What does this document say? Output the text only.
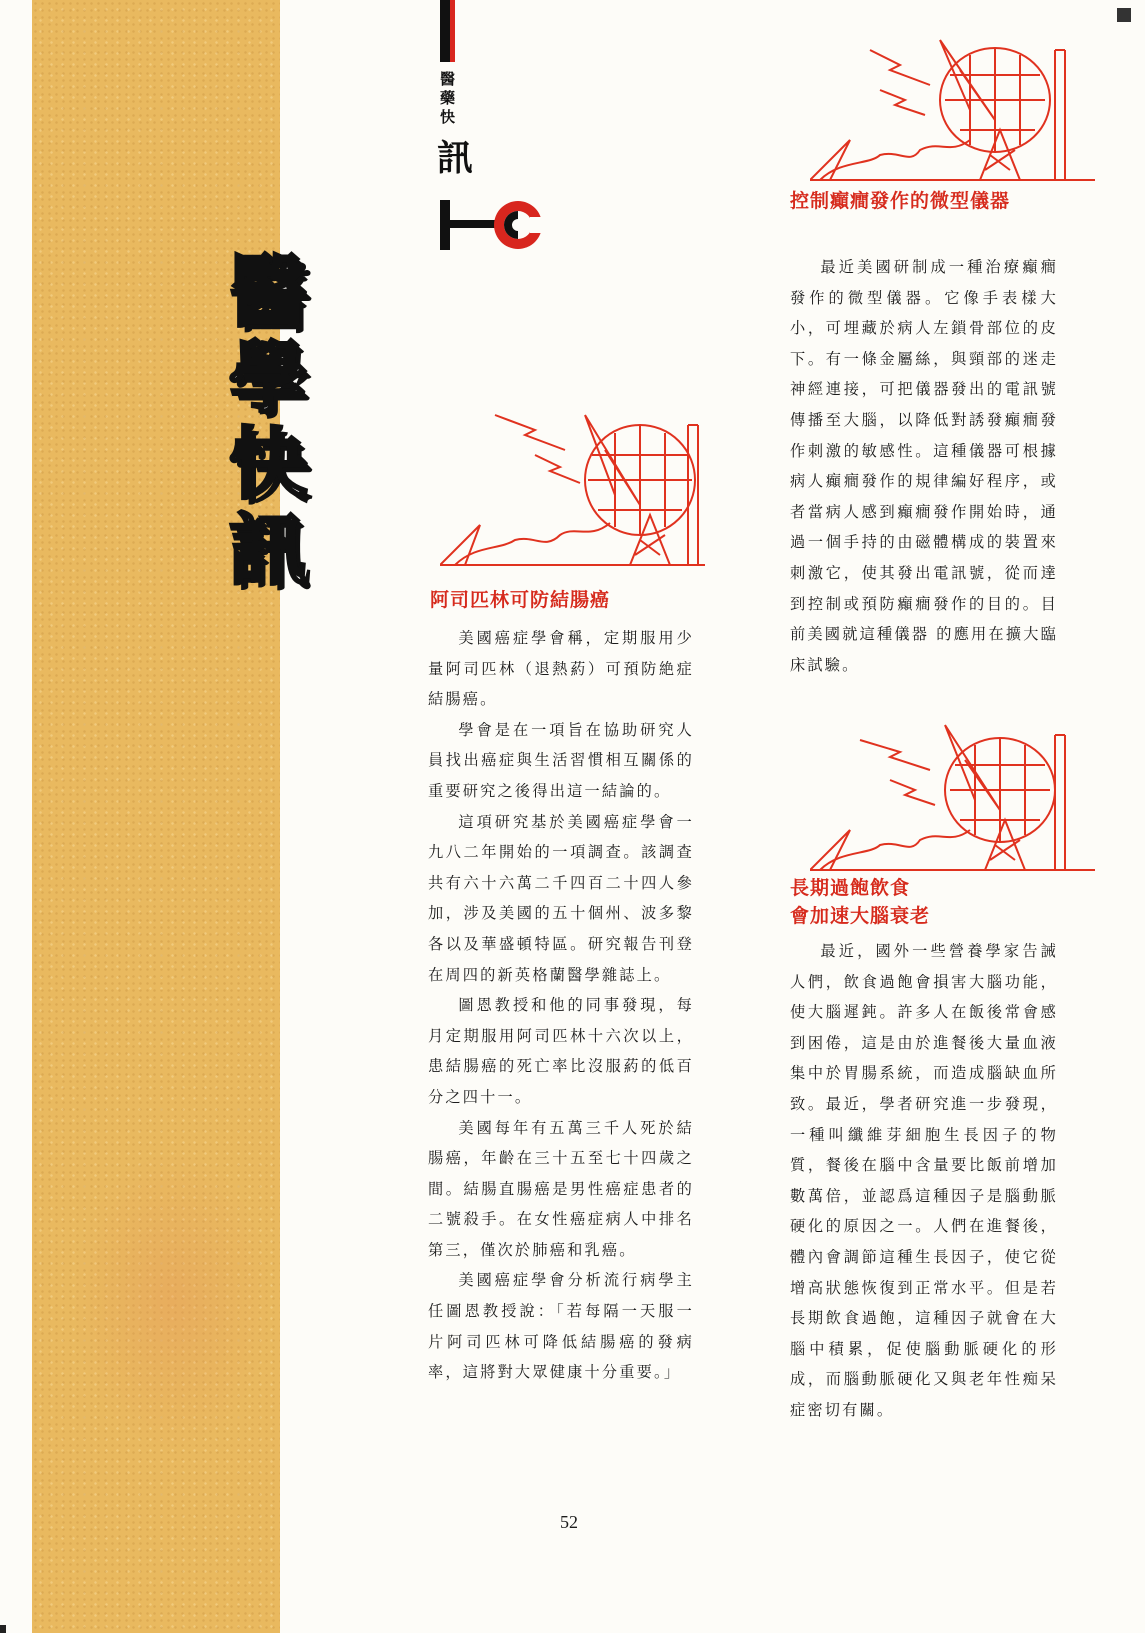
醫
學
快
訊
醫
藥
快
訊
阿司匹林可防結腸癌

美國癌症學會稱，定期服用少量阿司匹林（退熱葯）可預防絶症結腸癌。

學會是在一項旨在協助研究人員找出癌症與生活習慣相互關係的重要研究之後得出這一結論的。

這項研究基於美國癌症學會一九八二年開始的一項調查。該調查共有六十六萬二千四百二十四人參加，涉及美國的五十個州、波多黎各以及華盛頓特區。研究報告刊登在周四的新英格蘭醫學雜誌上。

圖恩教授和他的同事發現，每月定期服用阿司匹林十六次以上，患結腸癌的死亡率比沒服葯的低百分之四十一。

美國每年有五萬三千人死於結腸癌，年齡在三十五至七十四歲之間。結腸直腸癌是男性癌症患者的二號殺手。在女性癌症病人中排名第三，僅次於肺癌和乳癌。

美國癌症學會分析流行病學主任圖恩教授說：「若每隔一天服一片阿司匹林可降低結腸癌的發病率，這將對大眾健康十分重要。」

控制癲癎發作的微型儀器

最近美國研制成一種治療癲癎發作的微型儀器。它像手表樣大小，可埋藏於病人左鎖骨部位的皮下。有一條金屬絲，與頸部的迷走神經連接，可把儀器發出的電訊號傳播至大腦，以降低對誘發癲癎發作刺激的敏感性。這種儀器可根據病人癲癎發作的規律編好程序，或者當病人感到癲癎發作開始時，通過一個手持的由磁體構成的裝置來刺激它，使其發出電訊號，從而達到控制或預防癲癎發作的目的。目前美國就這種儀器 的應用在擴大臨床試驗。

長期過飽飲食
會加速大腦衰老

最近，國外一些營養學家告誡人們，飲食過飽會損害大腦功能，使大腦遲鈍。許多人在飯後常會感到困倦，這是由於進餐後大量血液集中於胃腸系統，而造成腦缺血所致。最近，學者研究進一步發現，一種叫纖維芽細胞生長因子的物質，餐後在腦中含量要比飯前增加數萬倍，並認爲這種因子是腦動脈硬化的原因之一。人們在進餐後，體內會調節這種生長因子，使它從增高狀態恢復到正常水平。但是若長期飲食過飽，這種因子就會在大腦中積累，促使腦動脈硬化的形成，而腦動脈硬化又與老年性痴呆症密切有關。

52
